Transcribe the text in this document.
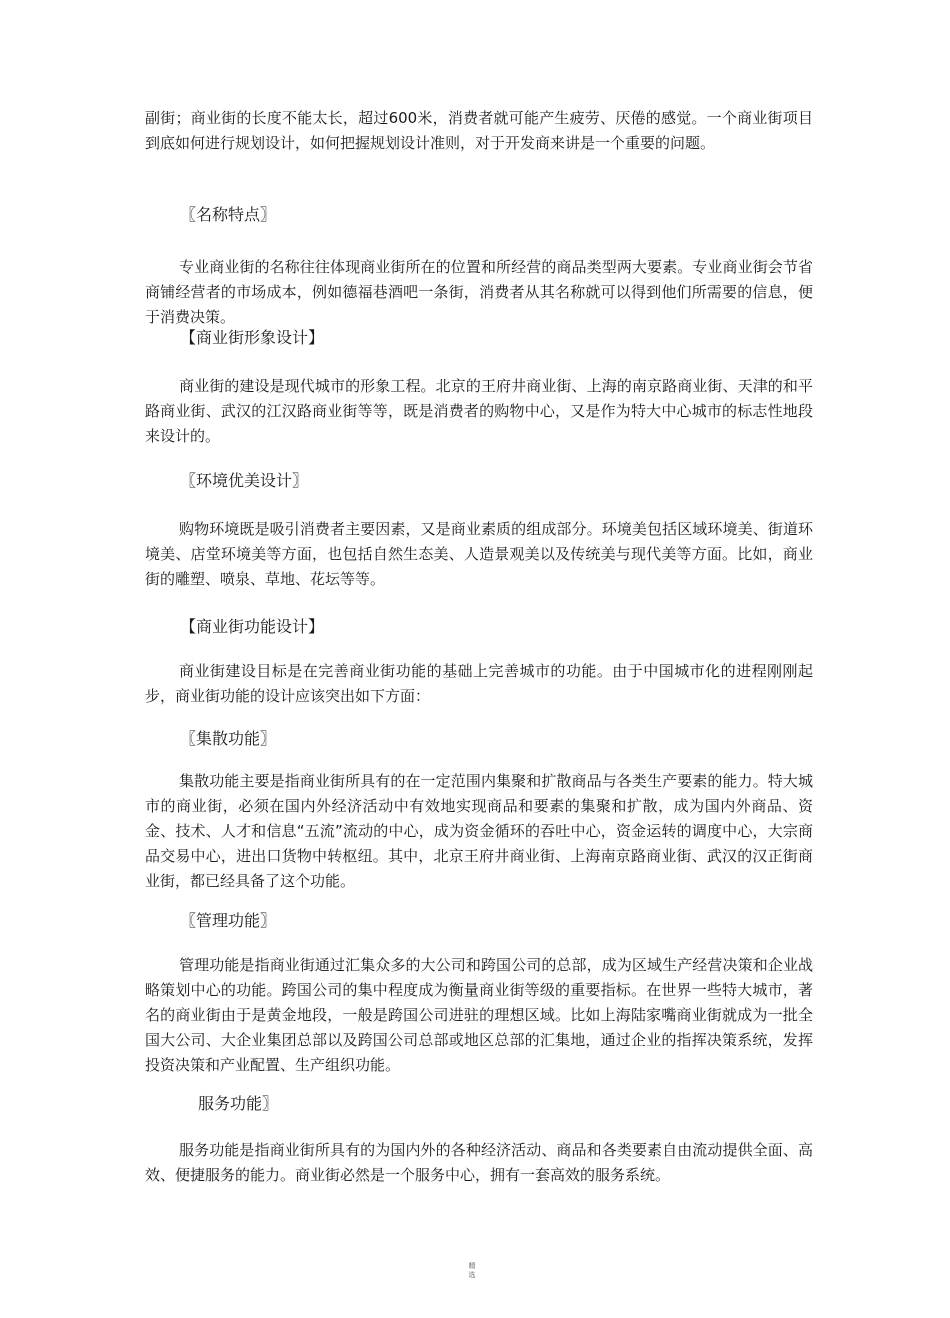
副街；商业街的长度不能太长，超过600米，消费者就可能产生疲劳、厌倦的感觉。一个商业街项目到底如何进行规划设计，如何把握规划设计准则，对于开发商来讲是一个重要的问题。

〖名称特点〗

专业商业街的名称往往体现商业街所在的位置和所经营的商品类型两大要素。专业商业街会节省商铺经营者的市场成本，例如德福巷酒吧一条街，消费者从其名称就可以得到他们所需要的信息，便于消费决策。

【商业街形象设计】

商业街的建设是现代城市的形象工程。北京的王府井商业街、上海的南京路商业街、天津的和平路商业街、武汉的江汉路商业街等等，既是消费者的购物中心，又是作为特大中心城市的标志性地段来设计的。

〖环境优美设计〗

购物环境既是吸引消费者主要因素，又是商业素质的组成部分。环境美包括区域环境美、街道环境美、店堂环境美等方面，也包括自然生态美、人造景观美以及传统美与现代美等方面。比如，商业街的雕塑、喷泉、草地、花坛等等。

【商业街功能设计】

商业街建设目标是在完善商业街功能的基础上完善城市的功能。由于中国城市化的进程刚刚起步，商业街功能的设计应该突出如下方面：

〖集散功能〗

集散功能主要是指商业街所具有的在一定范围内集聚和扩散商品与各类生产要素的能力。特大城市的商业街，必须在国内外经济活动中有效地实现商品和要素的集聚和扩散，成为国内外商品、资金、技术、人才和信息“五流”流动的中心，成为资金循环的吞吐中心，资金运转的调度中心，大宗商品交易中心，进出口货物中转枢纽。其中，北京王府井商业街、上海南京路商业街、武汉的汉正街商业街，都已经具备了这个功能。

〖管理功能〗

管理功能是指商业街通过汇集众多的大公司和跨国公司的总部，成为区域生产经营决策和企业战略策划中心的功能。跨国公司的集中程度成为衡量商业街等级的重要指标。在世界一些特大城市，著名的商业街由于是黄金地段，一般是跨国公司进驻的理想区域。比如上海陆家嘴商业街就成为一批全国大公司、大企业集团总部以及跨国公司总部或地区总部的汇集地，通过企业的指挥决策系统，发挥投资决策和产业配置、生产组织功能。

服务功能〗

服务功能是指商业街所具有的为国内外的各种经济活动、商品和各类要素自由流动提供全面、高效、便捷服务的能力。商业街必然是一个服务中心，拥有一套高效的服务系统。

精选
